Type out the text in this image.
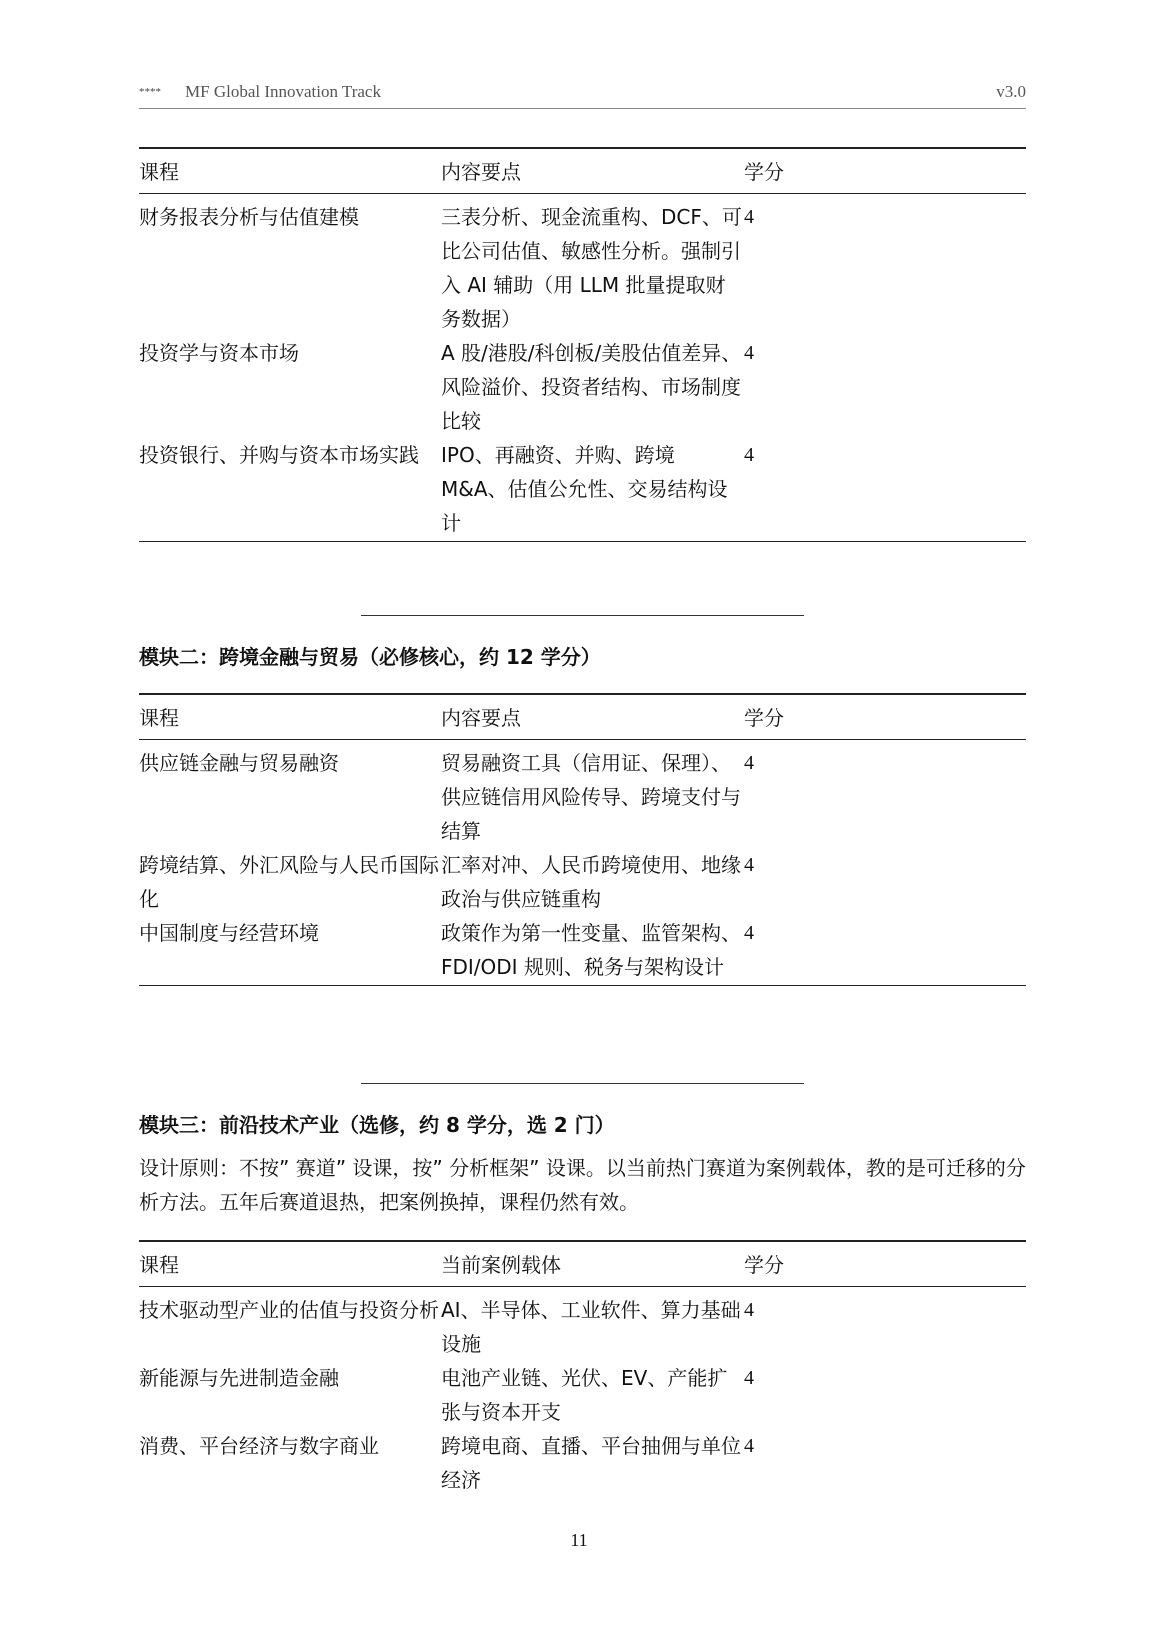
**** MF Global Innovation Track	v3.0
课程	内容要点	学分
财务报表分析与估值建模	三表分析、现金流重构、DCF、可比公司估值、敏感性分析。强制引入 AI 辅助（用 LLM 批量提取财务数据）	4
投资学与资本市场	A 股/港股/科创板/美股估值差异、风险溢价、投资者结构、市场制度比较	4
投资银行、并购与资本市场实践	IPO、再融资、并购、跨境 M&A、估值公允性、交易结构设计	4
模块二：跨境金融与贸易（必修核心，约 12 学分）
课程	内容要点	学分
供应链金融与贸易融资	贸易融资工具（信用证、保理）、供应链信用风险传导、跨境支付与结算	4
跨境结算、外汇风险与人民币国际化	汇率对冲、人民币跨境使用、地缘政治与供应链重构	4
中国制度与经营环境	政策作为第一性变量、监管架构、FDI/ODI 规则、税务与架构设计	4
模块三：前沿技术产业（选修，约 8 学分，选 2 门）
设计原则：不按” 赛道” 设课，按” 分析框架” 设课。以当前热门赛道为案例载体，教的是可迁移的分析方法。五年后赛道退热，把案例换掉，课程仍然有效。
课程	当前案例载体	学分
技术驱动型产业的估值与投资分析	AI、半导体、工业软件、算力基础设施	4
新能源与先进制造金融	电池产业链、光伏、EV、产能扩张与资本开支	4
消费、平台经济与数字商业	跨境电商、直播、平台抽佣与单位经济	4
11
